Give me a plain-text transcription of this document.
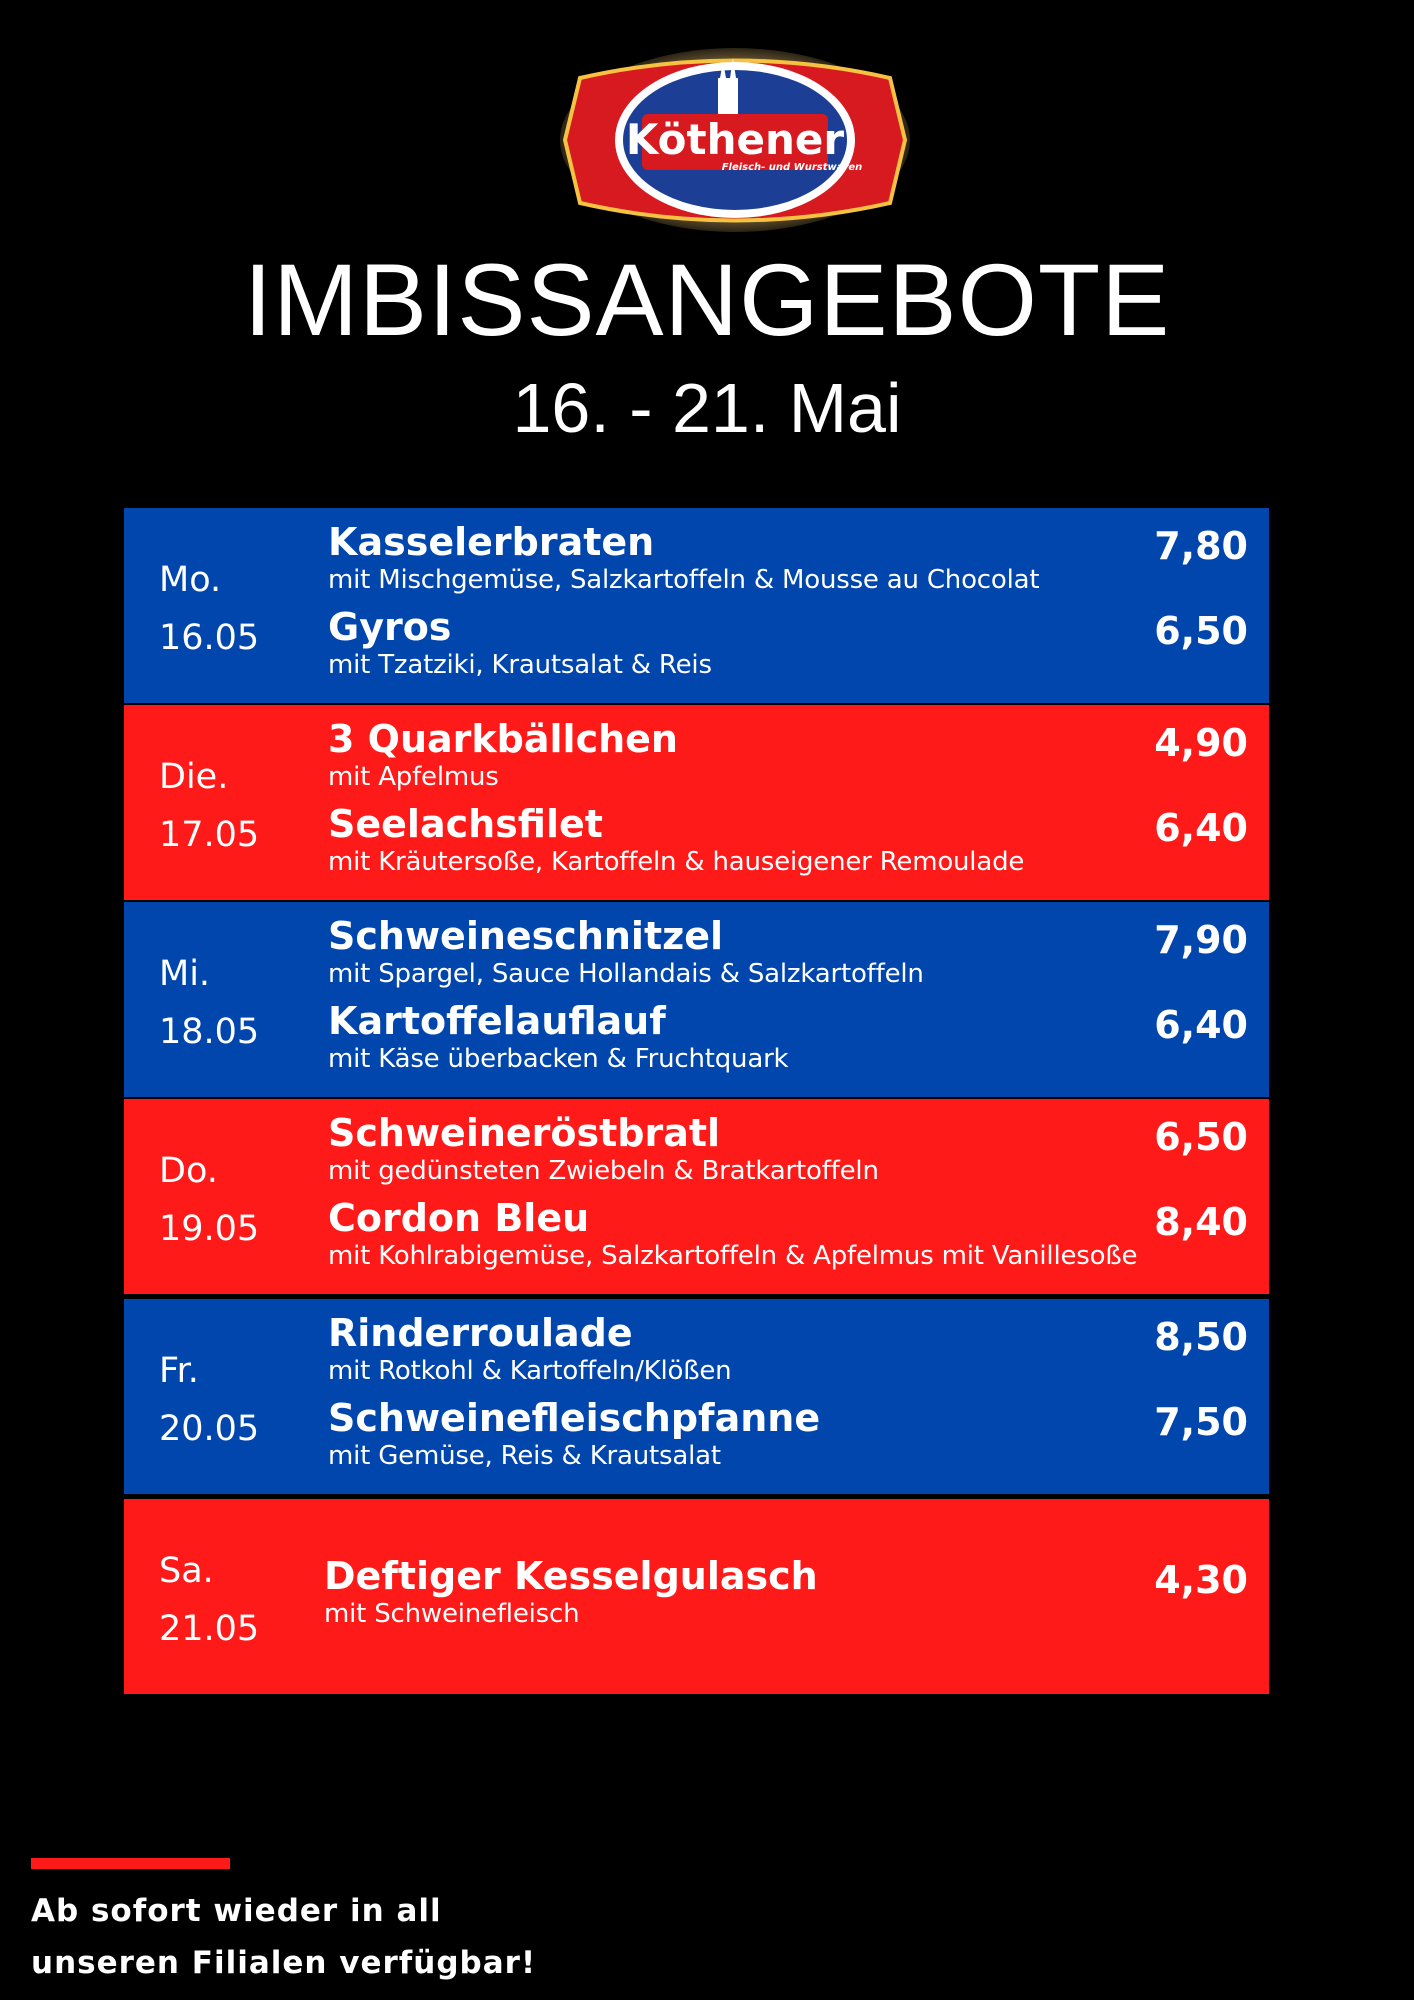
Köthener
Fleisch- und Wurstwaren
IMBISSANGEBOTE
16. - 21. Mai
Mo.
16.05
Kasselerbraten
mit Mischgemüse, Salzkartoffeln & Mousse au Chocolat
7,80
Gyros
mit Tzatziki, Krautsalat & Reis
6,50
Die.
17.05
3 Quarkbällchen
mit Apfelmus
4,90
Seelachsfilet
mit Kräutersoße, Kartoffeln & hauseigener Remoulade
6,40
Mi.
18.05
Schweineschnitzel
mit Spargel, Sauce Hollandais & Salzkartoffeln
7,90
Kartoffelauflauf
mit Käse überbacken & Fruchtquark
6,40
Do.
19.05
Schweineröstbratl
mit gedünsteten Zwiebeln & Bratkartoffeln
6,50
Cordon Bleu
mit Kohlrabigemüse, Salzkartoffeln & Apfelmus mit Vanillesoße
8,40
Fr.
20.05
Rinderroulade
mit Rotkohl & Kartoffeln/Klößen
8,50
Schweinefleischpfanne
mit Gemüse, Reis & Krautsalat
7,50
Sa.
21.05
Deftiger Kesselgulasch
mit Schweinefleisch
4,30
Ab sofort wieder in all
unseren Filialen verfügbar!
